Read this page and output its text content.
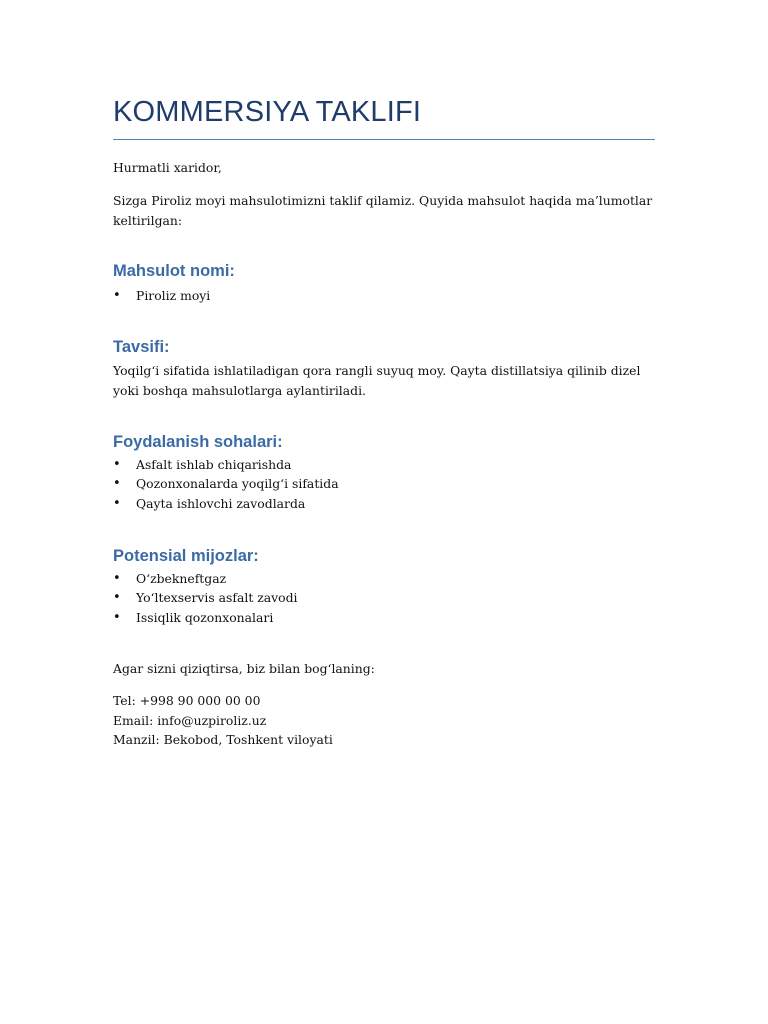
KOMMERSIYA TAKLIFI

Hurmatli xaridor,

Sizga Piroliz moyi mahsulotimizni taklif qilamiz. Quyida mahsulot haqida ma’lumotlar keltirilgan:

Mahsulot nomi:
• Piroliz moyi
Tavsifi:

Yoqilg‘i sifatida ishlatiladigan qora rangli suyuq moy. Qayta distillatsiya qilinib dizel yoki boshqa mahsulotlarga aylantiriladi.

Foydalanish sohalari:
• Asfalt ishlab chiqarishda
• Qozonxonalarda yoqilg‘i sifatida
• Qayta ishlovchi zavodlarda
Potensial mijozlar:
• O‘zbekneftgaz
• Yo‘ltexservis asfalt zavodi
• Issiqlik qozonxonalari

Agar sizni qiziqtirsa, biz bilan bog‘laning:

Tel: +998 90 000 00 00
Email: info@uzpiroliz.uz
Manzil: Bekobod, Toshkent viloyati
